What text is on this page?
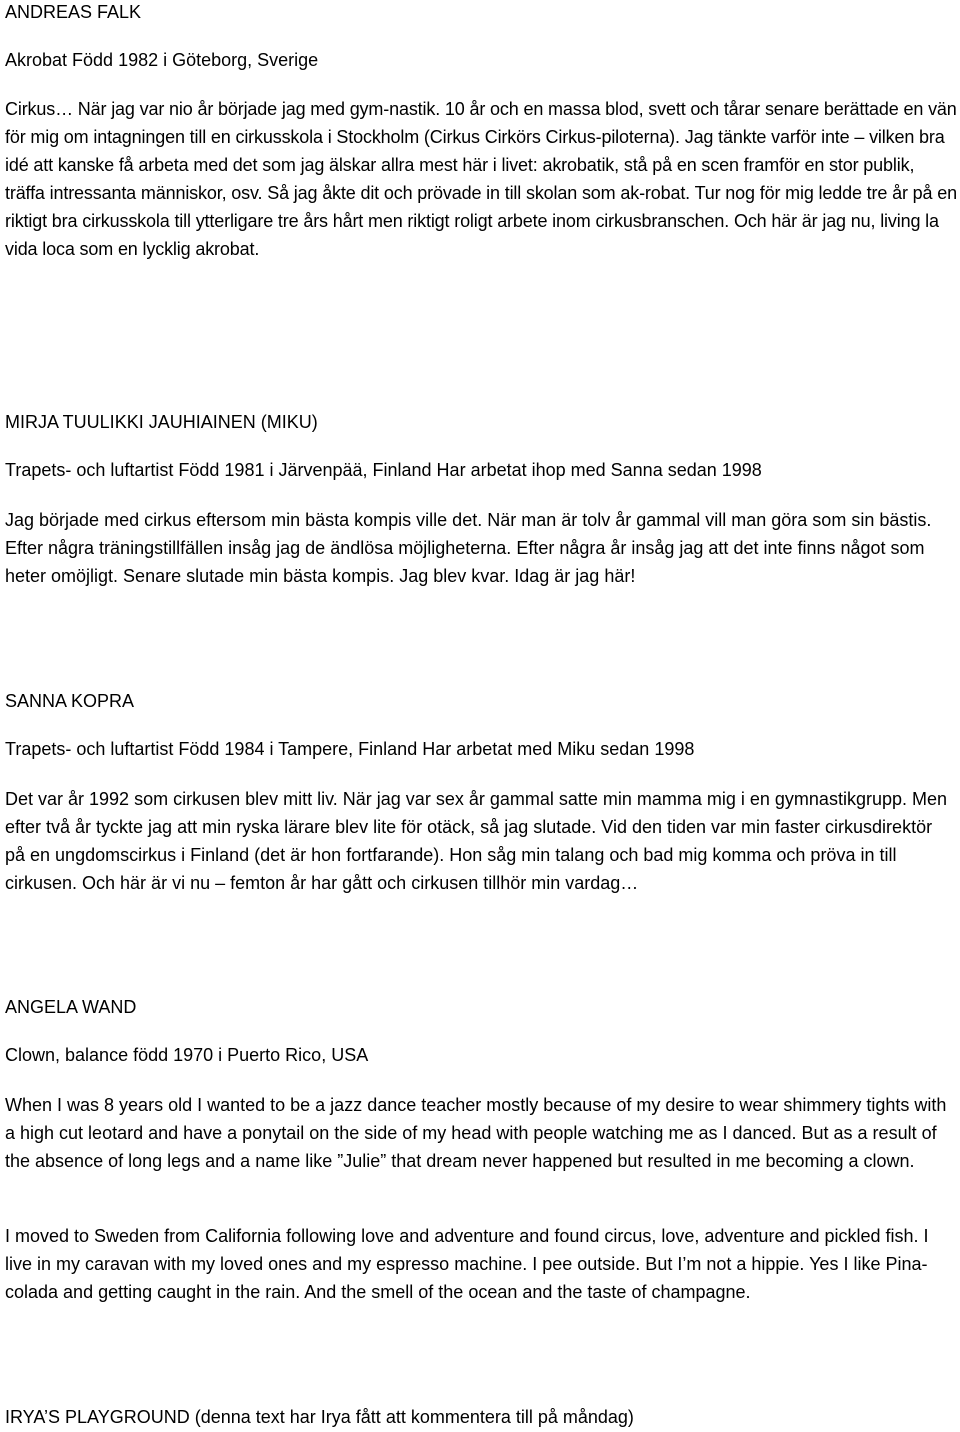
ANDREAS FALK

Akrobat Född 1982 i Göteborg, Sverige

Cirkus… När jag var nio år började jag med gym-nastik. 10 år och en massa blod, svett och tårar senare berättade en vän för mig om intagningen till en cirkusskola i Stockholm (Cirkus Cirkörs Cirkus-piloterna). Jag tänkte varför inte – vilken bra idé att kanske få arbeta med det som jag älskar allra mest här i livet: akrobatik, stå på en scen framför en stor publik, träffa intressanta människor, osv. Så jag åkte dit och prövade in till skolan som ak-robat. Tur nog för mig ledde tre år på en riktigt bra cirkusskola till ytterligare tre års hårt men riktigt roligt arbete inom cirkusbranschen. Och här är jag nu, living la vida loca som en lycklig akrobat.

MIRJA TUULIKKI JAUHIAINEN (MIKU)

Trapets- och luftartist Född 1981 i Järvenpää, Finland Har arbetat ihop med Sanna sedan 1998

Jag började med cirkus eftersom min bästa kompis ville det. När man är tolv år gammal vill man göra som sin bästis. Efter några träningstillfällen insåg jag de ändlösa möjligheterna. Efter några år insåg jag att det inte finns något som heter omöjligt. Senare slutade min bästa kompis. Jag blev kvar. Idag är jag här!

SANNA KOPRA

Trapets- och luftartist Född 1984 i Tampere, Finland Har arbetat med Miku sedan 1998

Det var år 1992 som cirkusen blev mitt liv. När jag var sex år gammal satte min mamma mig i en gymnastikgrupp. Men efter två år tyckte jag att min ryska lärare blev lite för otäck, så jag slutade. Vid den tiden var min faster cirkusdirektör på en ungdomscirkus i Finland (det är hon fortfarande). Hon såg min talang och bad mig komma och pröva in till cirkusen. Och här är vi nu – femton år har gått och cirkusen tillhör min vardag…

ANGELA WAND

Clown, balance född 1970 i Puerto Rico, USA

When I was 8 years old I wanted to be a jazz dance teacher mostly because of my desire to wear shimmery tights with a high cut leotard and have a ponytail on the side of my head with people watching me as I danced. But as a result of the absence of long legs and a name like ”Julie” that dream never happened but resulted in me becoming a clown.

I moved to Sweden from California following love and adventure and found circus, love, adventure and pickled fish. I live in my caravan with my loved ones and my espresso machine. I pee outside. But I’m not a hippie. Yes I like Pina-colada and getting caught in the rain. And the smell of the ocean and the taste of champagne.

IRYA’S PLAYGROUND (denna text har Irya fått att kommentera till på måndag)
